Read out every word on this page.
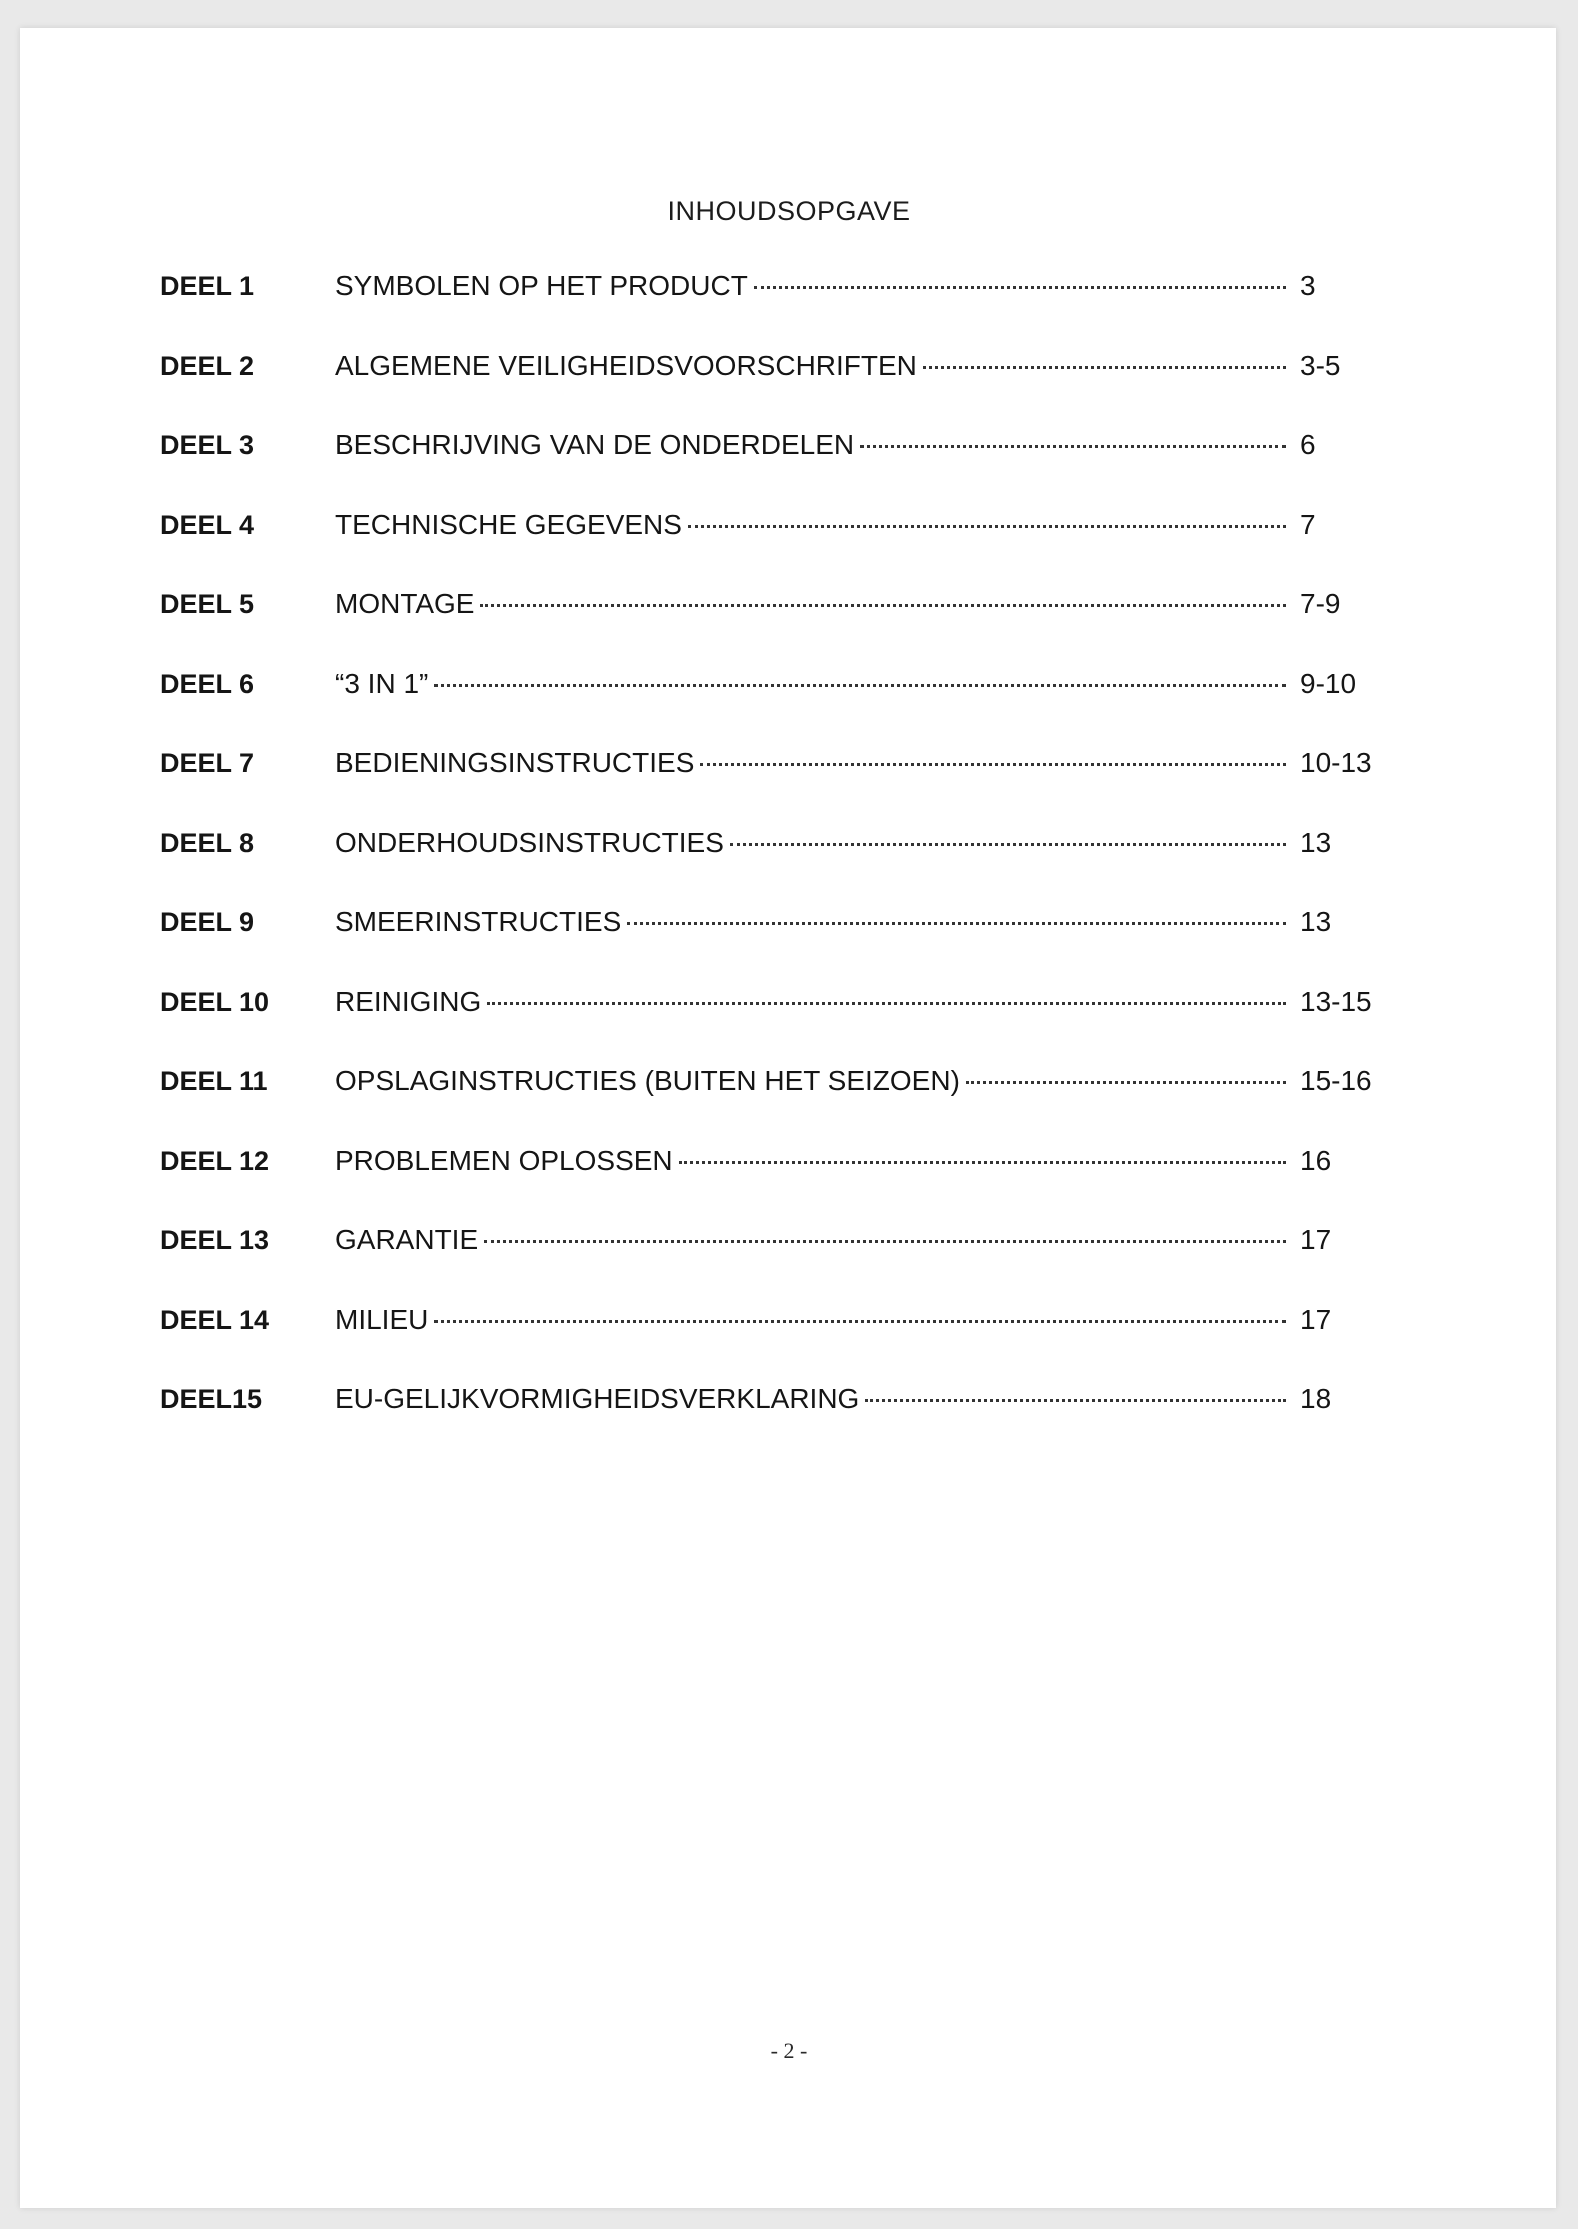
INHOUDSOPGAVE
DEEL 1	SYMBOLEN OP HET PRODUCT	3
DEEL 2	ALGEMENE VEILIGHEIDSVOORSCHRIFTEN	3-5
DEEL 3	BESCHRIJVING VAN DE ONDERDELEN	6
DEEL 4	TECHNISCHE GEGEVENS	7
DEEL 5	MONTAGE	7-9
DEEL 6	“3 IN 1”	9-10
DEEL 7	BEDIENINGSINSTRUCTIES	10-13
DEEL 8	ONDERHOUDSINSTRUCTIES	13
DEEL 9	SMEERINSTRUCTIES	13
DEEL 10	REINIGING	13-15
DEEL 11	OPSLAGINSTRUCTIES (BUITEN HET SEIZOEN)	15-16
DEEL 12	PROBLEMEN OPLOSSEN	16
DEEL 13	GARANTIE	17
DEEL 14	MILIEU	17
DEEL15	EU-GELIJKVORMIGHEIDSVERKLARING	18
- 2 -
